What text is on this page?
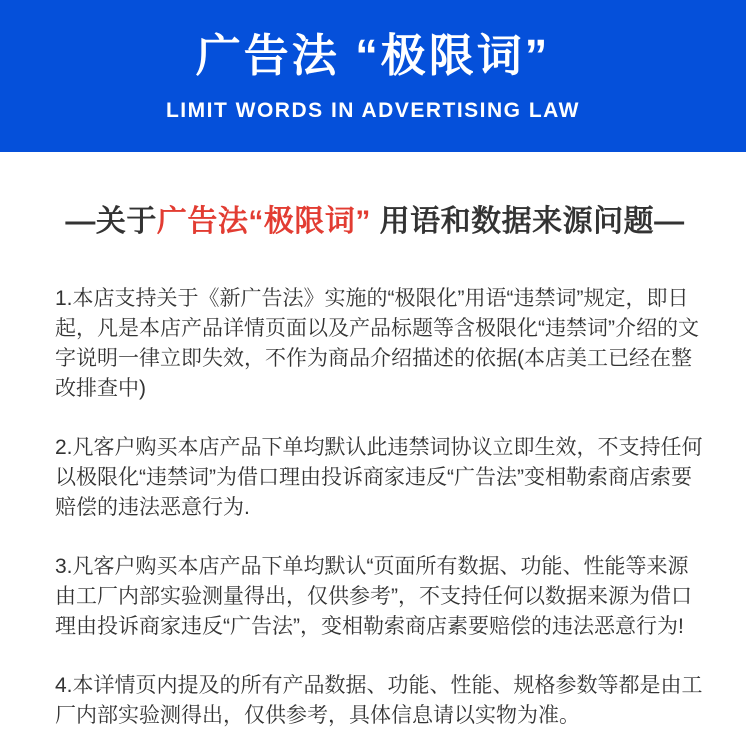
广告法 “极限词”
LIMIT WORDS IN ADVERTISING LAW
—关于广告法“极限词” 用语和数据来源问题—

1.本店支持关于《新广告法》实施的“极限化”用语“违禁词”规定，即日起，凡是本店产品详情页面以及产品标题等含极限化“违禁词”介绍的文字说明一律立即失效，不作为商品介绍描述的依据(本店美工已经在整改排查中)

2.凡客户购买本店产品下单均默认此违禁词协议立即生效，不支持任何以极限化“违禁词”为借口理由投诉商家违反“广告法”变相勒索商店索要赔偿的违法恶意行为.

3.凡客户购买本店产品下单均默认“页面所有数据、功能、性能等来源由工厂内部实验测量得出，仅供参考”，不支持任何以数据来源为借口理由投诉商家违反“广告法”，变相勒索商店素要赔偿的违法恶意行为!

4.本详情页内提及的所有产品数据、功能、性能、规格参数等都是由工厂内部实验测得出，仅供参考，具体信息请以实物为准。
